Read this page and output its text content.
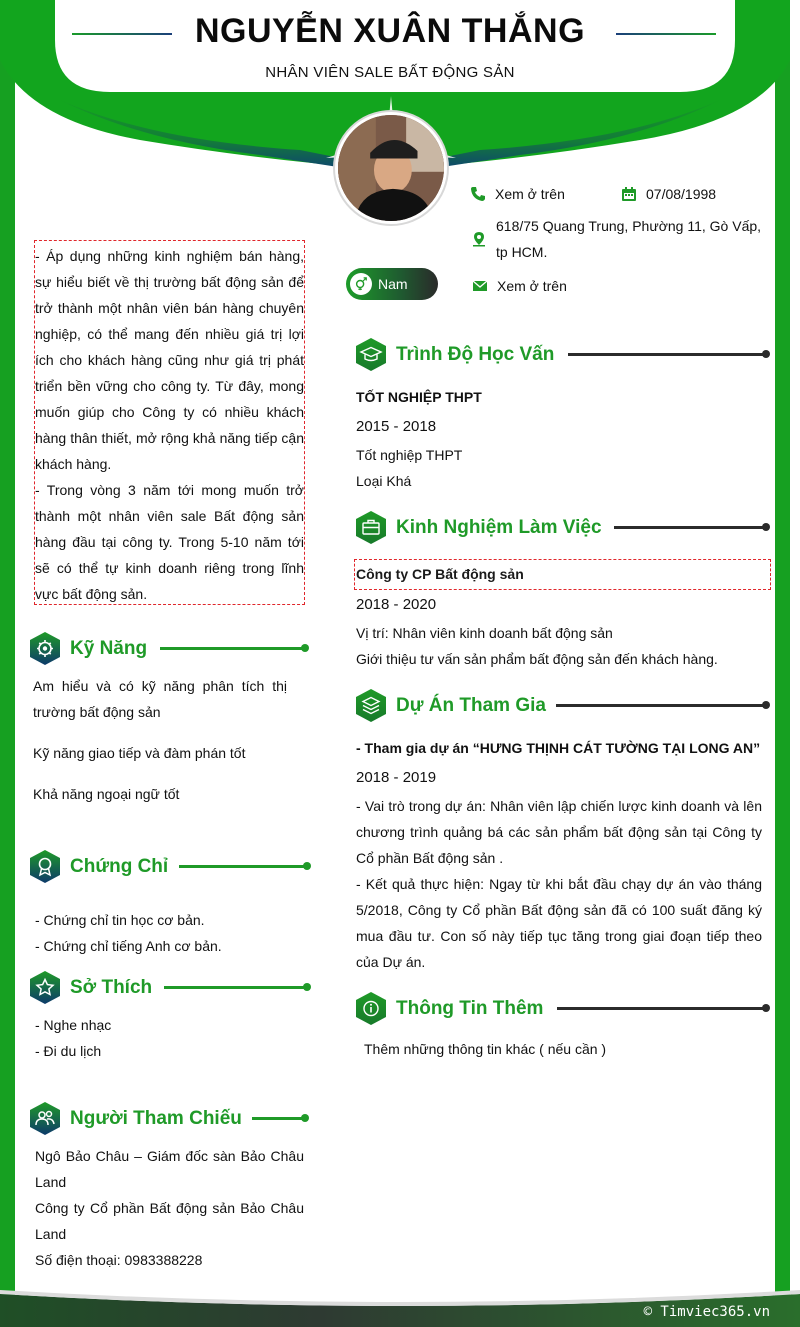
NGUYỄN XUÂN THẮNG
NHÂN VIÊN SALE BẤT ĐỘNG SẢN
Xem ở trên	07/08/1998
618/75 Quang Trung, Phường 11, Gò Vấp,
tp HCM.
Xem ở trên
Nam

- Áp dụng những kinh nghiệm bán hàng, sự hiểu biết về thị trường bất động sản để trở thành một nhân viên bán hàng chuyên nghiệp, có thể mang đến nhiều giá trị lợi ích cho khách hàng cũng như giá trị phát triển bền vững cho công ty. Từ đây, mong muốn giúp cho Công ty có nhiều khách hàng thân thiết, mở rộng khả năng tiếp cận khách hàng.

- Trong vòng 3 năm tới mong muốn trở thành một nhân viên sale Bất động sản hàng đầu tại công ty. Trong 5-10 năm tới sẽ có thể tự kinh doanh riêng trong lĩnh vực bất động sản.

Kỹ Năng
Am hiểu và có kỹ năng phân tích thị trường bất động sản
Kỹ năng giao tiếp và đàm phán tốt
Khả năng ngoại ngữ tốt
Chứng Chỉ
- Chứng chỉ tin học cơ bản.
- Chứng chỉ tiếng Anh cơ bản.
Sở Thích
- Nghe nhạc
- Đi du lịch
Người Tham Chiếu
Ngô Bảo Châu – Giám đốc sàn Bảo Châu Land
Công ty Cổ phần Bất động sản Bảo Châu Land
Số điện thoại: 0983388228
Trình Độ Học Vấn
TỐT NGHIỆP THPT
2015 - 2018
Tốt nghiệp THPT
Loại Khá
Kinh Nghiệm Làm Việc
Công ty CP Bất động sản
2018 - 2020
Vị trí: Nhân viên kinh doanh bất động sản
Giới thiệu tư vấn sản phẩm bất động sản đến khách hàng.
Dự Án Tham Gia
- Tham gia dự án “HƯNG THỊNH CÁT TƯỜNG TẠI LONG AN”
2018 - 2019
- Vai trò trong dự án: Nhân viên lập chiến lược kinh doanh và lên chương trình quảng bá các sản phẩm bất động sản tại Công ty Cổ phần Bất động sản .
- Kết quả thực hiện: Ngay từ khi bắt đầu chạy dự án vào tháng 5/2018, Công ty Cổ phần Bất động sản đã có 100 suất đăng ký mua đầu tư. Con số này tiếp tục tăng trong giai đoạn tiếp theo của Dự án.
Thông Tin Thêm
Thêm những thông tin khác ( nếu cần )
© Timviec365.vn
